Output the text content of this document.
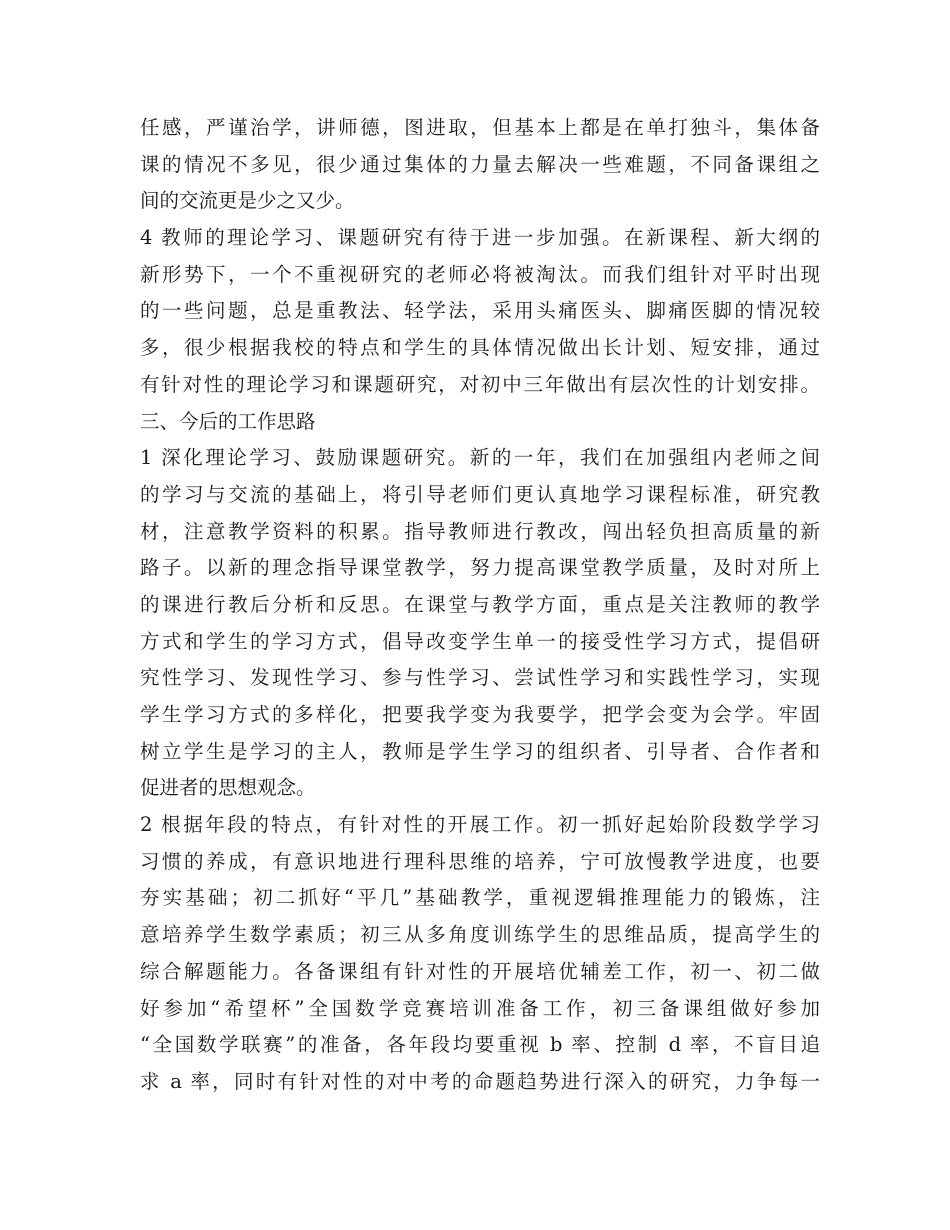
任感，严谨治学，讲师德，图进取，但基本上都是在单打独斗，集体备
课的情况不多见，很少通过集体的力量去解决一些难题，不同备课组之
间的交流更是少之又少。
4 教师的理论学习、课题研究有待于进一步加强。在新课程、新大纲的
新形势下，一个不重视研究的老师必将被淘汰。而我们组针对平时出现
的一些问题，总是重教法、轻学法，采用头痛医头、脚痛医脚的情况较
多，很少根据我校的特点和学生的具体情况做出长计划、短安排，通过
有针对性的理论学习和课题研究，对初中三年做出有层次性的计划安排。
三、今后的工作思路
1 深化理论学习、鼓励课题研究。新的一年，我们在加强组内老师之间
的学习与交流的基础上，将引导老师们更认真地学习课程标准，研究教
材，注意教学资料的积累。指导教师进行教改，闯出轻负担高质量的新
路子。以新的理念指导课堂教学，努力提高课堂教学质量，及时对所上
的课进行教后分析和反思。在课堂与教学方面，重点是关注教师的教学
方式和学生的学习方式，倡导改变学生单一的接受性学习方式，提倡研
究性学习、发现性学习、参与性学习、尝试性学习和实践性学习，实现
学生学习方式的多样化，把要我学变为我要学，把学会变为会学。牢固
树立学生是学习的主人，教师是学生学习的组织者、引导者、合作者和
促进者的思想观念。
2 根据年段的特点，有针对性的开展工作。初一抓好起始阶段数学学习
习惯的养成，有意识地进行理科思维的培养，宁可放慢教学进度，也要
夯实基础；初二抓好“平几”基础教学，重视逻辑推理能力的锻炼，注
意培养学生数学素质；初三从多角度训练学生的思维品质，提高学生的
综合解题能力。各备课组有针对性的开展培优辅差工作，初一、初二做
好参加“希望杯”全国数学竞赛培训准备工作，初三备课组做好参加
“全国数学联赛”的准备，各年段均要重视 b 率、控制 d 率，不盲目追
求 a 率，同时有针对性的对中考的命题趋势进行深入的研究，力争每一
